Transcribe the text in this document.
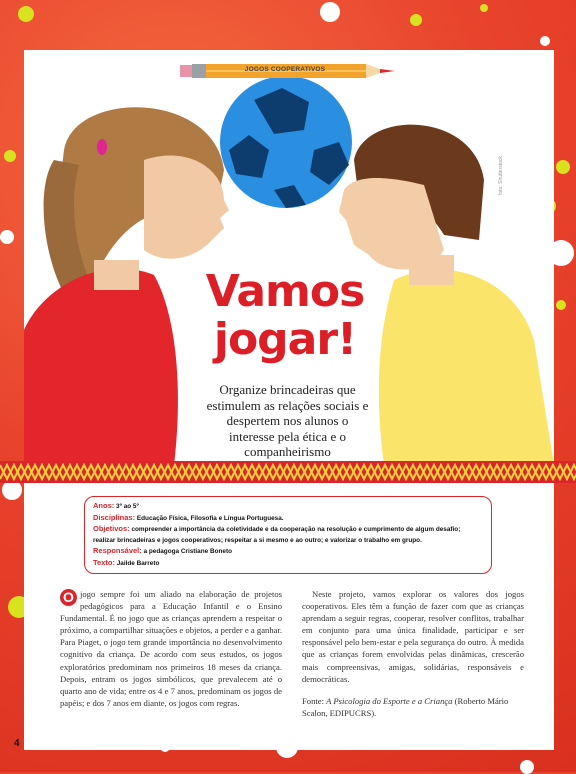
JOGOS COOPERATIVOS
foto: Shutterstock
Vamos
jogar!
Organize brincadeiras que estimulem as relações sociais e despertem nos alunos o interesse pela ética e o companheirismo
Anos: 3º ao 5º
Disciplinas: Educação Física, Filosofia e Língua Portuguesa.
Objetivos: compreender a importância da coletividade e da cooperação na resolução e cumprimento de algum desafio; realizar brincadeiras e jogos cooperativos; respeitar a si mesmo e ao outro; e valorizar o trabalho em grupo.
Responsável: a pedagoga Cristiane Boneto
Texto: Jailde Barreto
O jogo sempre foi um aliado na elaboração de projetos pedagógicos para a Educação Infantil e o Ensino Fundamental. É no jogo que as crianças aprendem a respeitar o próximo, a compartilhar situações e objetos, a perder e a ganhar. Para Piaget, o jogo tem grande importância no desenvolvimento cognitivo da criança. De acordo com seus estudos, os jogos exploratórios predominam nos primeiros 18 meses da criança. Depois, entram os jogos simbólicos, que prevalecem até o quarto ano de vida; entre os 4 e 7 anos, predominam os jogos de papéis; e dos 7 anos em diante, os jogos com regras.
Neste projeto, vamos explorar os valores dos jogos cooperativos. Eles têm a função de fazer com que as crianças aprendam a seguir regras, cooperar, resolver conflitos, trabalhar em conjunto para uma única finalidade, participar e ser responsável pelo bem-estar e pela segurança do outro. À medida que as crianças forem envolvidas pelas dinâmicas, crescerão mais compreensivas, amigas, solidárias, responsáveis e democráticas.
Fonte: A Psicologia do Esporte e a Criança (Roberto Mário Scalon, EDIPUCRS).
4
